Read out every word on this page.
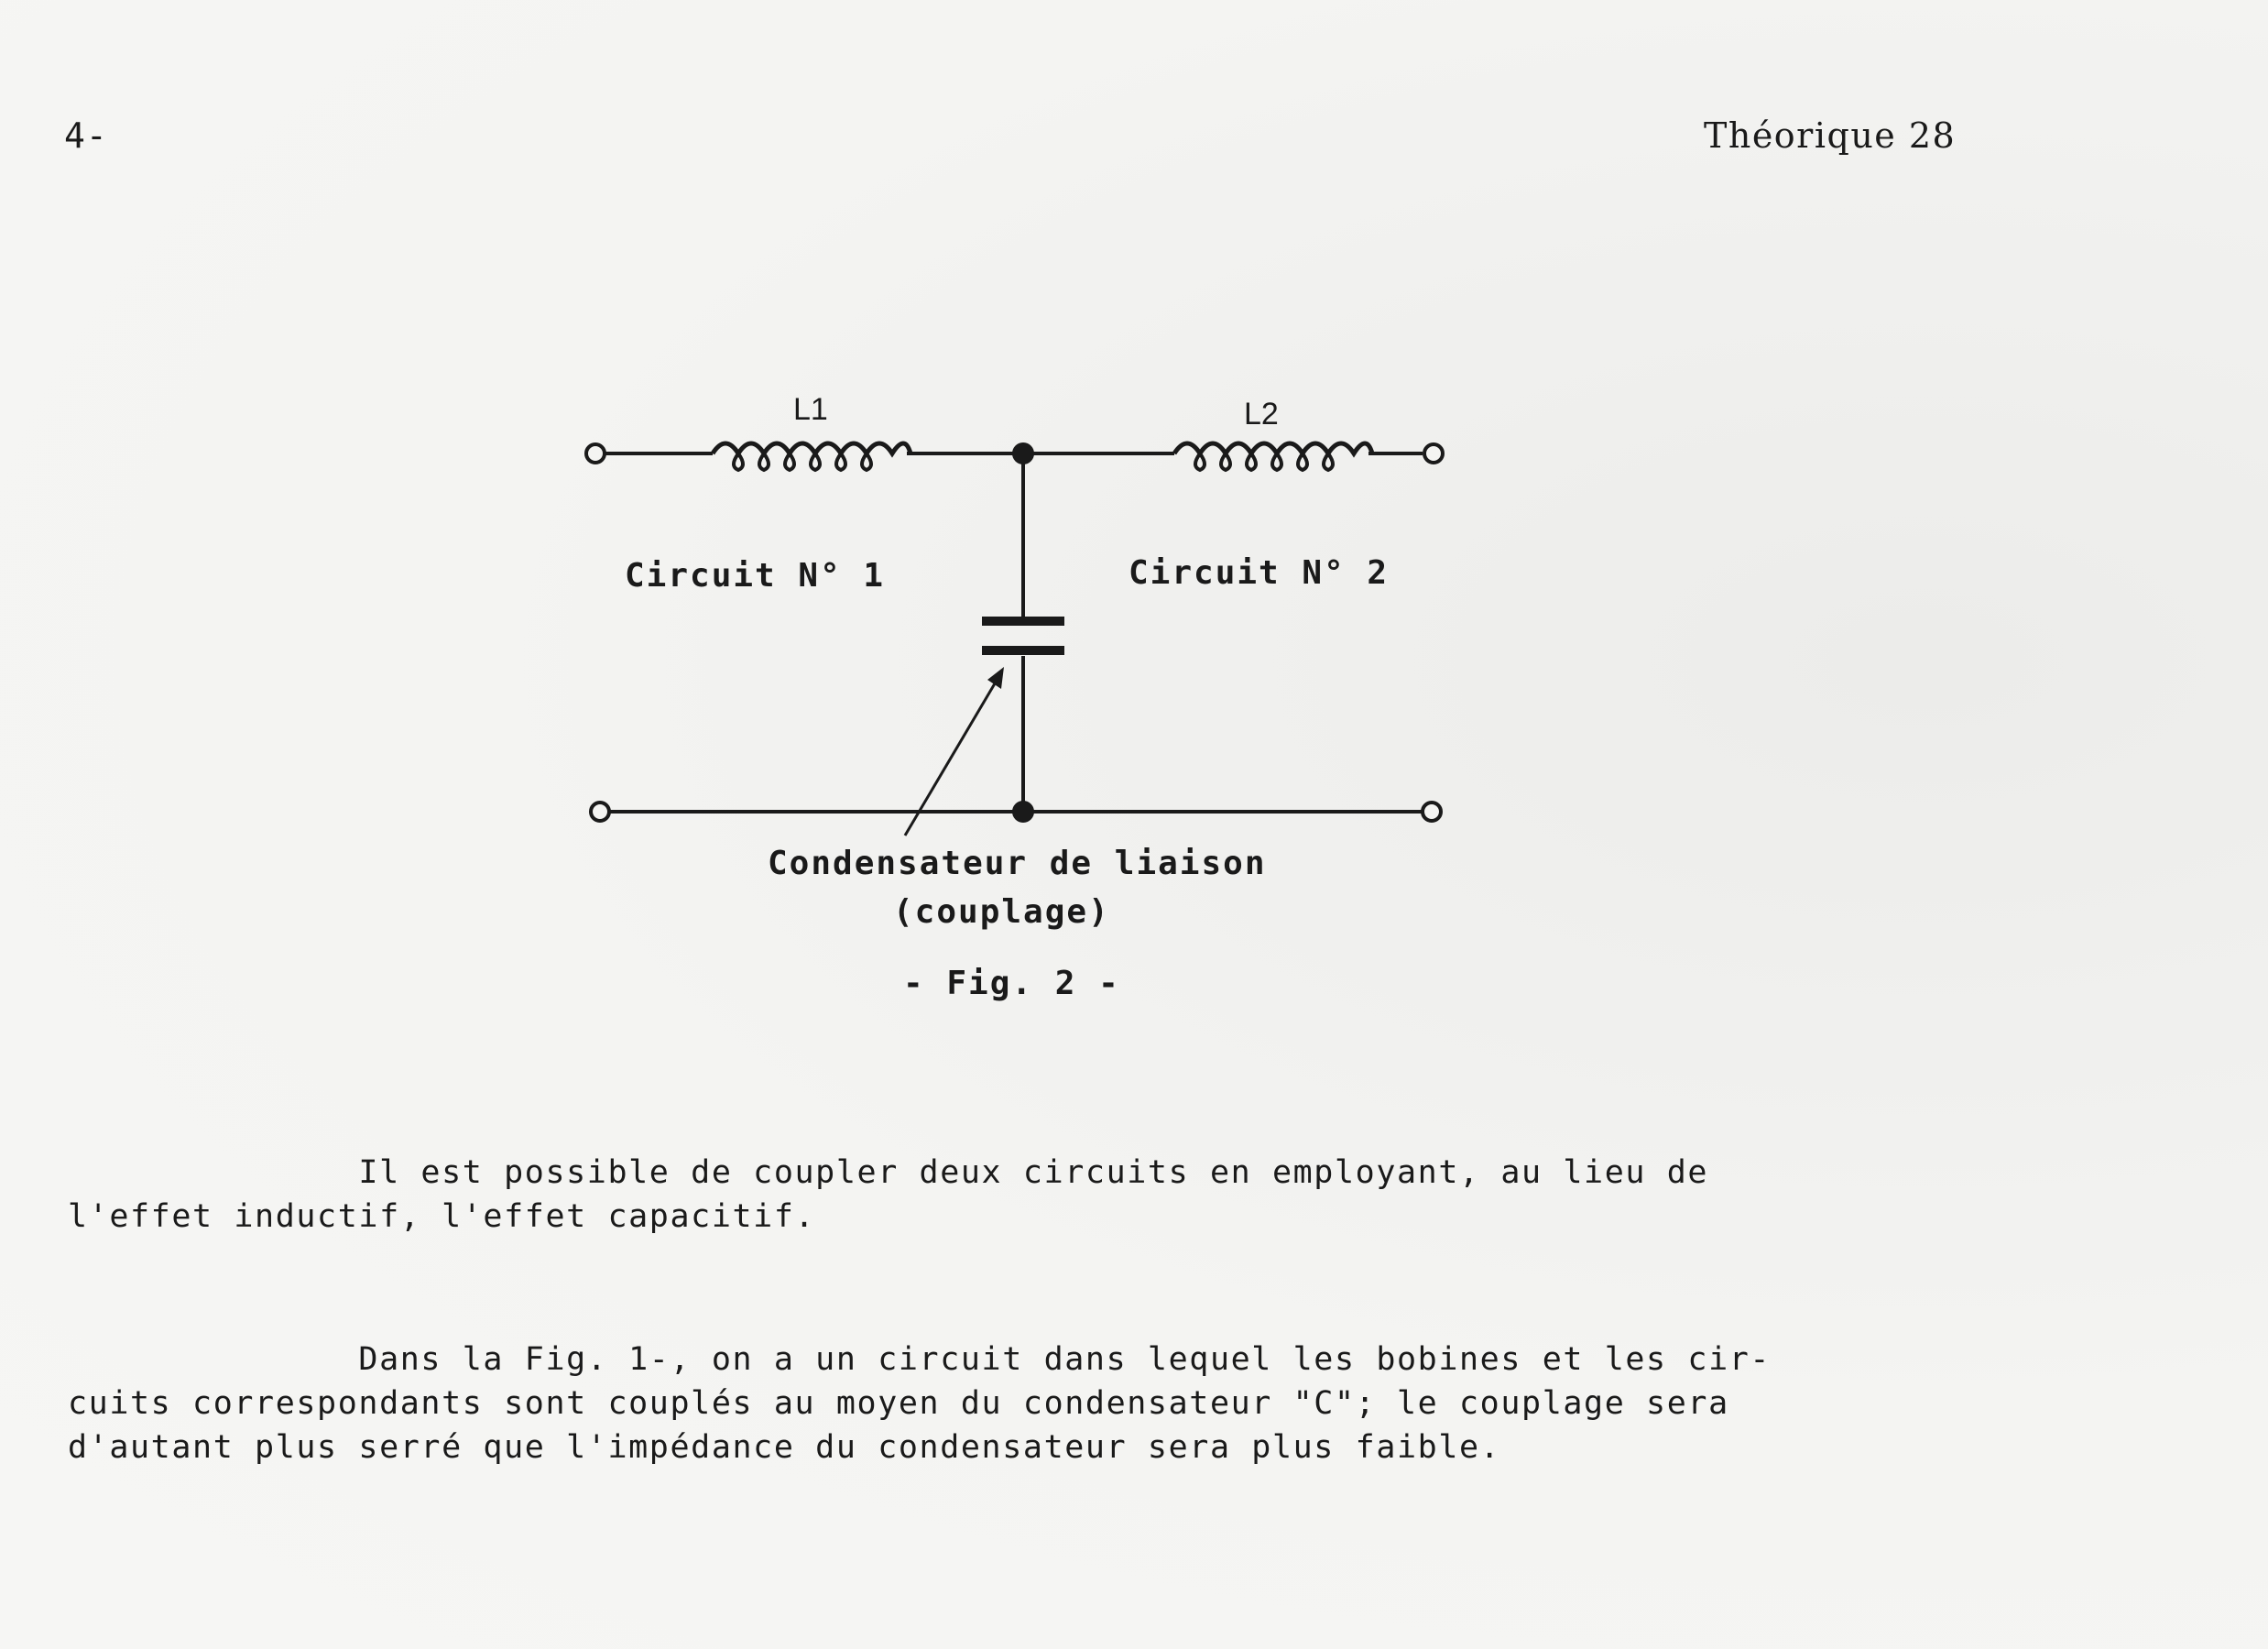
4-	Théorique 28
L1	L2
Circuit N° 1	Circuit N° 2
Condensateur de liaison
(couplage)
- Fig. 2 -
Il est possible de coupler deux circuits en employant, au lieu de
l'effet inductif, l'effet capacitif.
Dans la Fig. 1-, on a un circuit dans lequel les bobines et les cir-
cuits correspondants sont couplés au moyen du condensateur "C"; le couplage sera
d'autant plus serré que l'impédance du condensateur sera plus faible.
